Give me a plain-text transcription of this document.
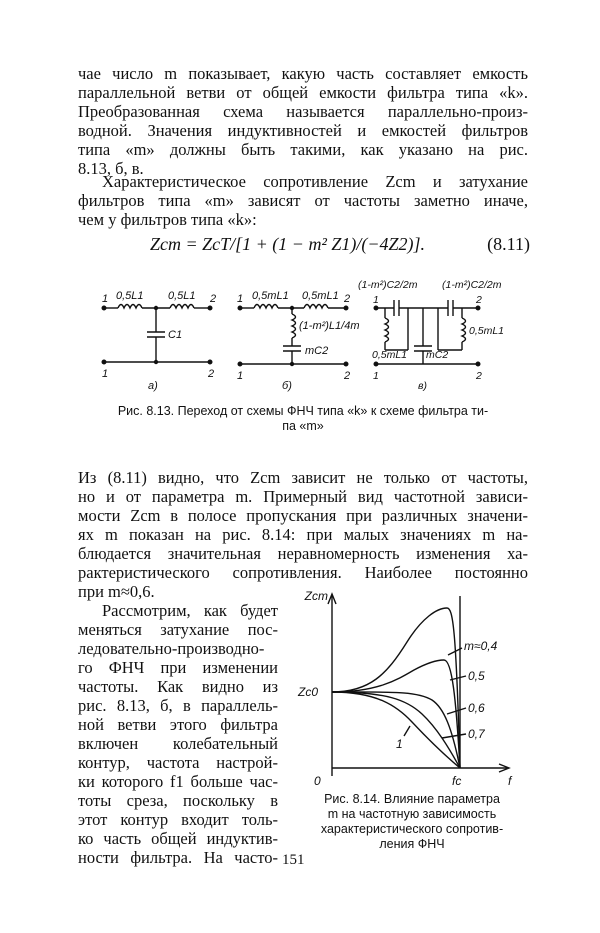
чае число m показывает, какую часть составляет емкость
параллельной ветви от общей емкости фильтра типа «k».
Преобразованная схема называется параллельно-произ-
водной. Значения индуктивностей и емкостей фильтров
типа «m» должны быть такими, как указано на рис.
8.13, б, в.
Характеристическое сопротивление Zcm и затухание
фильтров типа «m» зависят от частоты заметно иначе,
чем у фильтров типа «k»:
Zcm = ZcT/[1 + (1 − m² Z1)/(−4Z2)].	(8.11)
1	2
1	2
0,5L1 0,5L1
C1
а)
1	2
1	2
0,5mL1 0,5mL1
(1-m²)L1/4m
mC2
б)
1	2
1	2
(1-m²)C2/2m (1-m²)C2/2m
0,5mL1
0,5mL1 mC2
в)
Рис. 8.13. Переход от схемы ФНЧ типа «k» к схеме фильтра ти-
па «m»
Из (8.11) видно, что Zcm зависит не только от частоты,
но и от параметра m. Примерный вид частотной зависи-
мости Zcm в полосе пропускания при различных значени-
ях m показан на рис. 8.14: при малых значениях m на-
блюдается значительная неравномерность изменения ха-
рактеристического сопротивления. Наиболее постоянно
при m≈0,6.
Рассмотрим, как будет
меняться затухание пос-
ледовательно-производно-
го ФНЧ при изменении
частоты. Как видно из
рис. 8.13, б, в параллель-
ной ветви этого фильтра
включен колебательный
контур, частота настрой-
ки которого f1 больше час-
тоты среза, поскольку в
этот контур входит толь-
ко часть общей индуктив-
ности фильтра. На часто-
Zcm
Zc0
0	fc	f
m≈0,4
0,5
0,6
0,7
1
Рис. 8.14. Влияние параметра
m на частотную зависимость
характеристического сопротив-
ления ФНЧ
151
